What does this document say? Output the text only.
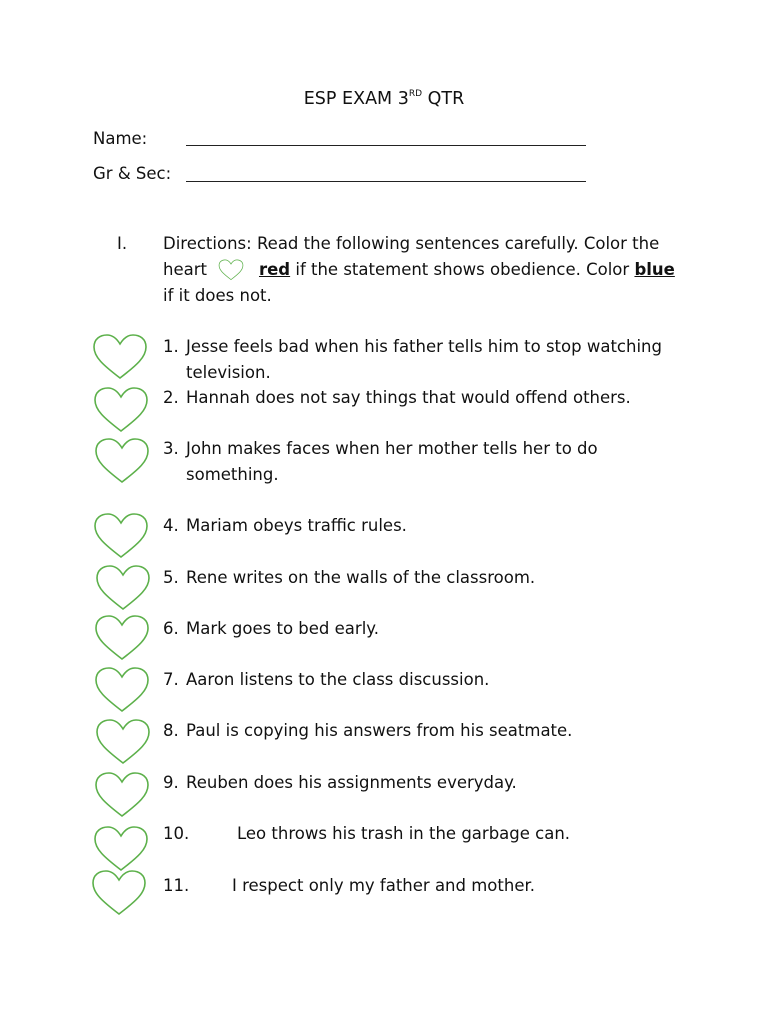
ESP EXAM 3RD QTR
Name:
Gr & Sec:
I. Directions: Read the following sentences carefully. Color the
heart	red if the statement shows obedience. Color blue
if it does not.
1. Jesse feels bad when his father tells him to stop watching
television.
2. Hannah does not say things that would offend others.
3. John makes faces when her mother tells her to do
something.
4. Mariam obeys traffic rules.
5. Rene writes on the walls of the classroom.
6. Mark goes to bed early.
7. Aaron listens to the class discussion.
8. Paul is copying his answers from his seatmate.
9. Reuben does his assignments everyday.
10.	Leo throws his trash in the garbage can.
11.	I respect only my father and mother.
